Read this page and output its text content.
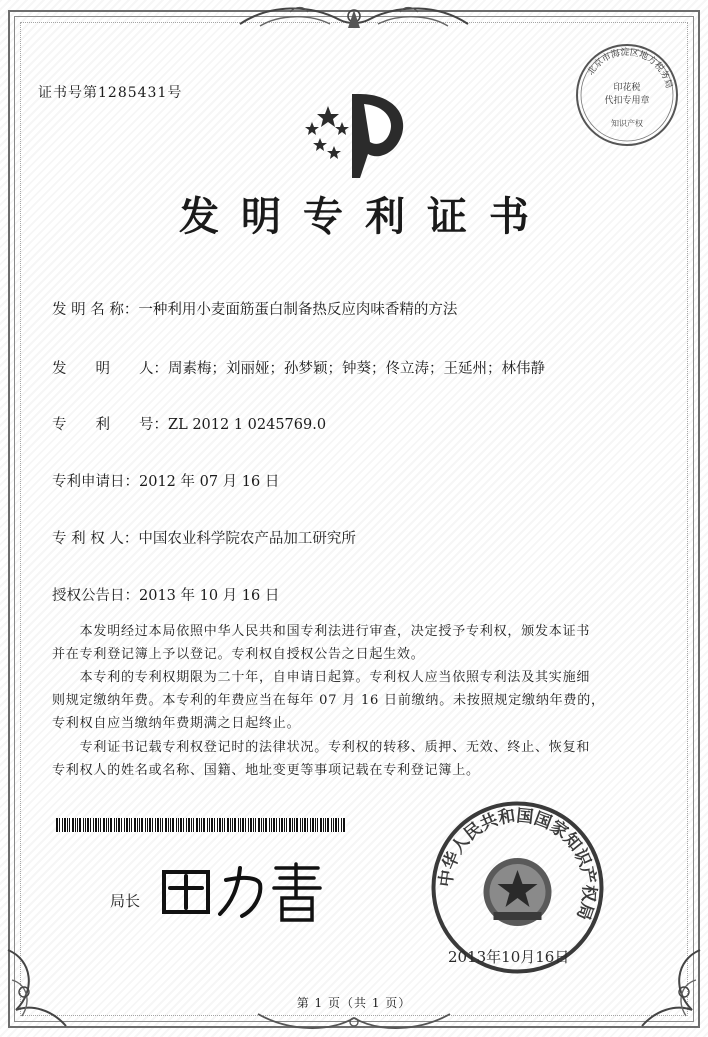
证书号第1285431号
北京市海淀区地方税务局
印花税
代扣专用章
知识产权
发明专利证书
发 明 名 称：一种利用小麦面筋蛋白制备热反应肉味香精的方法
发　　明　　人：周素梅；刘丽娅；孙梦颖；钟葵；佟立涛；王延州；林伟静
专　　利　　号：ZL 2012 1 0245769.0
专利申请日：2012 年 07 月 16 日
专 利 权 人：中国农业科学院农产品加工研究所
授权公告日：2013 年 10 月 16 日
　　本发明经过本局依照中华人民共和国专利法进行审查，决定授予专利权，颁发本证书
并在专利登记簿上予以登记。专利权自授权公告之日起生效。
　　本专利的专利权期限为二十年，自申请日起算。专利权人应当依照专利法及其实施细
则规定缴纳年费。本专利的年费应当在每年 07 月 16 日前缴纳。未按照规定缴纳年费的，
专利权自应当缴纳年费期满之日起终止。
　　专利证书记载专利权登记时的法律状况。专利权的转移、质押、无效、终止、恢复和
专利权人的姓名或名称、国籍、地址变更等事项记载在专利登记簿上。
局长
中华人民共和国国家知识产权局
2013年10月16日
第 1 页（共 1 页）
